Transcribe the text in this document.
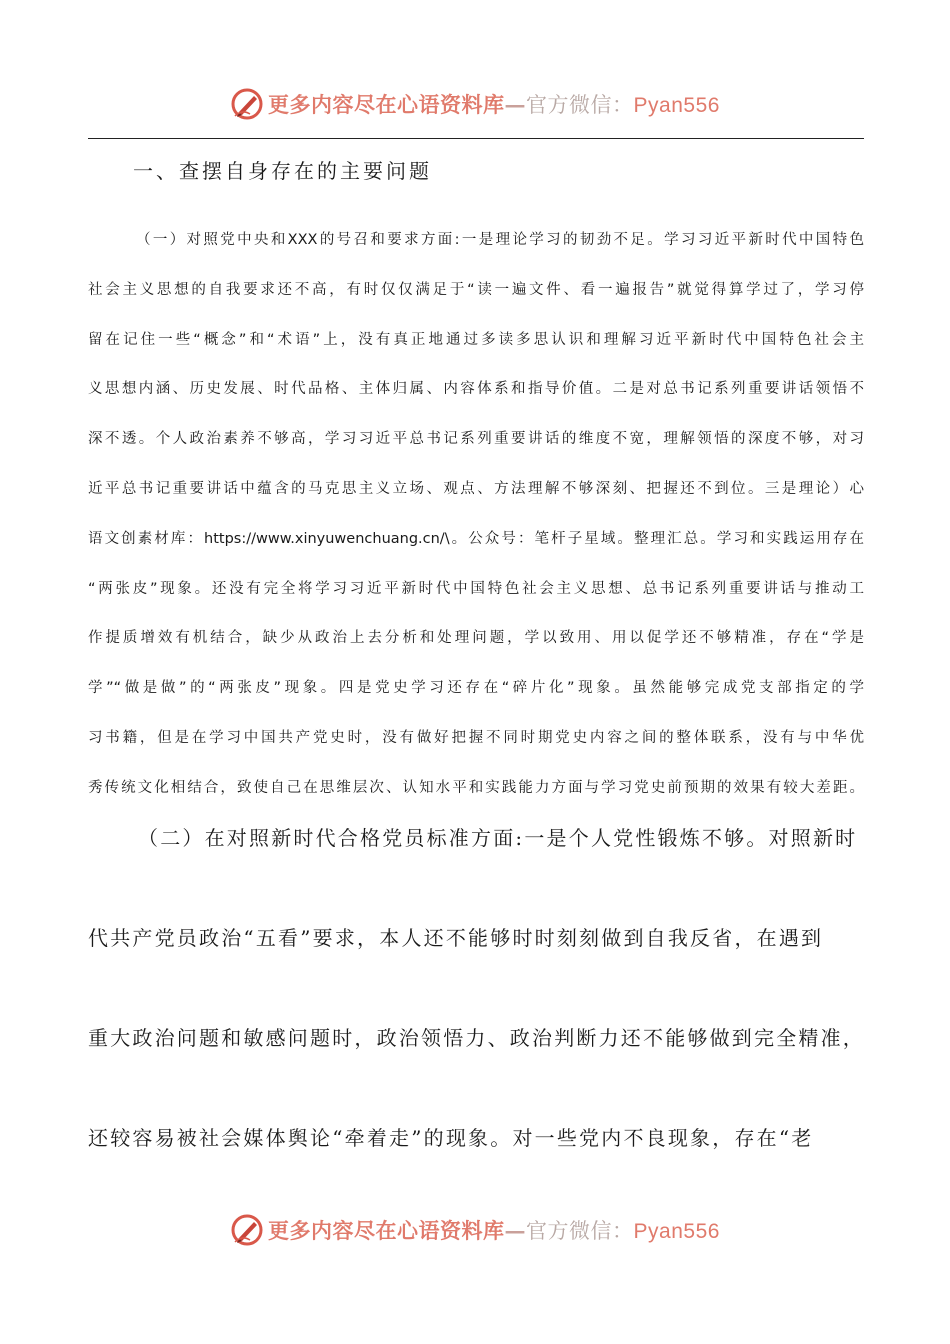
更多内容尽在心语资料库—官方微信：Pyan556
一、查摆自身存在的主要问题
（一）对照党中央和XXX的号召和要求方面:一是理论学习的韧劲不足。学习习近平新时代中国特色
社会主义思想的自我要求还不高，有时仅仅满足于“读一遍文件、看一遍报告”就觉得算学过了，学习停
留在记住一些“概念”和“术语”上，没有真正地通过多读多思认识和理解习近平新时代中国特色社会主
义思想内涵、历史发展、时代品格、主体归属、内容体系和指导价值。二是对总书记系列重要讲话领悟不
深不透。个人政治素养不够高，学习习近平总书记系列重要讲话的维度不宽，理解领悟的深度不够，对习
近平总书记重要讲话中蕴含的马克思主义立场、观点、方法理解不够深刻、把握还不到位。三是理论）心
语文创素材库：https://www.xinyuwenchuang.cn/\。公众号：笔杆子星域。整理汇总。学习和实践运用存在
“两张皮”现象。还没有完全将学习习近平新时代中国特色社会主义思想、总书记系列重要讲话与推动工
作提质增效有机结合，缺少从政治上去分析和处理问题，学以致用、用以促学还不够精准，存在“学是
学”“做是做”的“两张皮”现象。四是党史学习还存在“碎片化”现象。虽然能够完成党支部指定的学
习书籍，但是在学习中国共产党史时，没有做好把握不同时期党史内容之间的整体联系，没有与中华优
秀传统文化相结合，致使自己在思维层次、认知水平和实践能力方面与学习党史前预期的效果有较大差距。
（二）在对照新时代合格党员标准方面:一是个人党性锻炼不够。对照新时
代共产党员政治“五看”要求，本人还不能够时时刻刻做到自我反省，在遇到
重大政治问题和敏感问题时，政治领悟力、政治判断力还不能够做到完全精准，
还较容易被社会媒体舆论“牵着走”的现象。对一些党内不良现象，存在“老
更多内容尽在心语资料库—官方微信：Pyan556
